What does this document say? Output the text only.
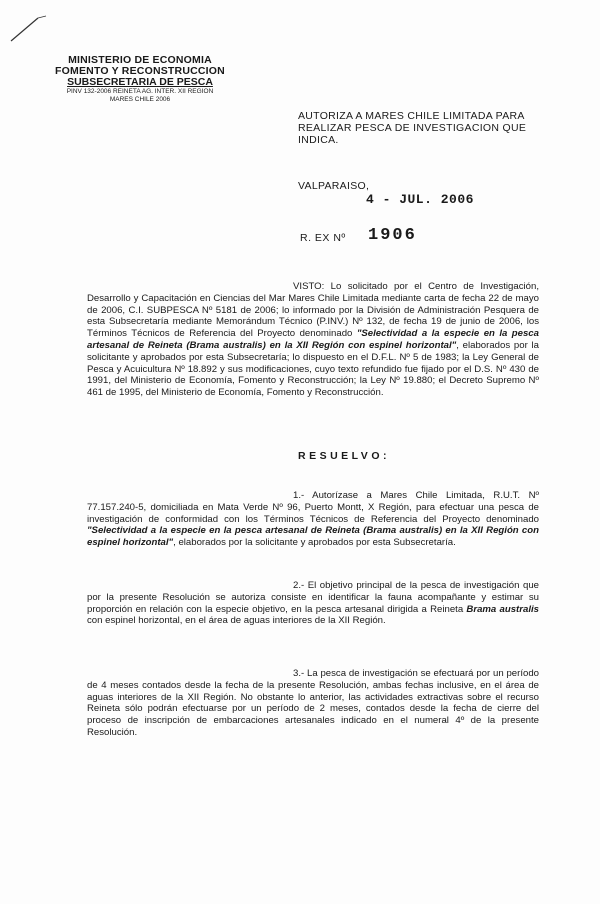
MINISTERIO DE ECONOMIA
FOMENTO Y RECONSTRUCCION
SUBSECRETARIA DE PESCA
PINV 132-2006 REINETA AG. INTER. XII REGION
MARES CHILE 2006
AUTORIZA A MARES CHILE LIMITADA PARA REALIZAR PESCA DE INVESTIGACION QUE INDICA.
VALPARAISO,
4 - JUL. 2006
R. EX Nº 1906
VISTO: Lo solicitado por el Centro de Investigación, Desarrollo y Capacitación en Ciencias del Mar Mares Chile Limitada mediante carta de fecha 22 de mayo de 2006, C.I. SUBPESCA Nº 5181 de 2006; lo informado por la División de Administración Pesquera de esta Subsecretaría mediante Memorándum Técnico (P.INV.) Nº 132, de fecha 19 de junio de 2006, los Términos Técnicos de Referencia del Proyecto denominado "Selectividad a la especie en la pesca artesanal de Reineta (Brama australis) en la XII Región con espinel horizontal", elaborados por la solicitante y aprobados por esta Subsecretaría; lo dispuesto en el D.F.L. Nº 5 de 1983; la Ley General de Pesca y Acuicultura Nº 18.892 y sus modificaciones, cuyo texto refundido fue fijado por el D.S. Nº 430 de 1991, del Ministerio de Economía, Fomento y Reconstrucción; la Ley Nº 19.880; el Decreto Supremo Nº 461 de 1995, del Ministerio de Economía, Fomento y Reconstrucción.
RESUELVO:
1.- Autorízase a Mares Chile Limitada, R.U.T. Nº 77.157.240-5, domiciliada en Mata Verde Nº 96, Puerto Montt, X Región, para efectuar una pesca de investigación de conformidad con los Términos Técnicos de Referencia del Proyecto denominado "Selectividad a la especie en la pesca artesanal de Reineta (Brama australis) en la XII Región con espinel horizontal", elaborados por la solicitante y aprobados por esta Subsecretaría.
2.- El objetivo principal de la pesca de investigación que por la presente Resolución se autoriza consiste en identificar la fauna acompañante y estimar su proporción en relación con la especie objetivo, en la pesca artesanal dirigida a Reineta Brama australis con espinel horizontal, en el área de aguas interiores de la XII Región.
3.- La pesca de investigación se efectuará por un período de 4 meses contados desde la fecha de la presente Resolución, ambas fechas inclusive, en el área de aguas interiores de la XII Región. No obstante lo anterior, las actividades extractivas sobre el recurso Reineta sólo podrán efectuarse por un período de 2 meses, contados desde la fecha de cierre del proceso de inscripción de embarcaciones artesanales indicado en el numeral 4º de la presente Resolución.
